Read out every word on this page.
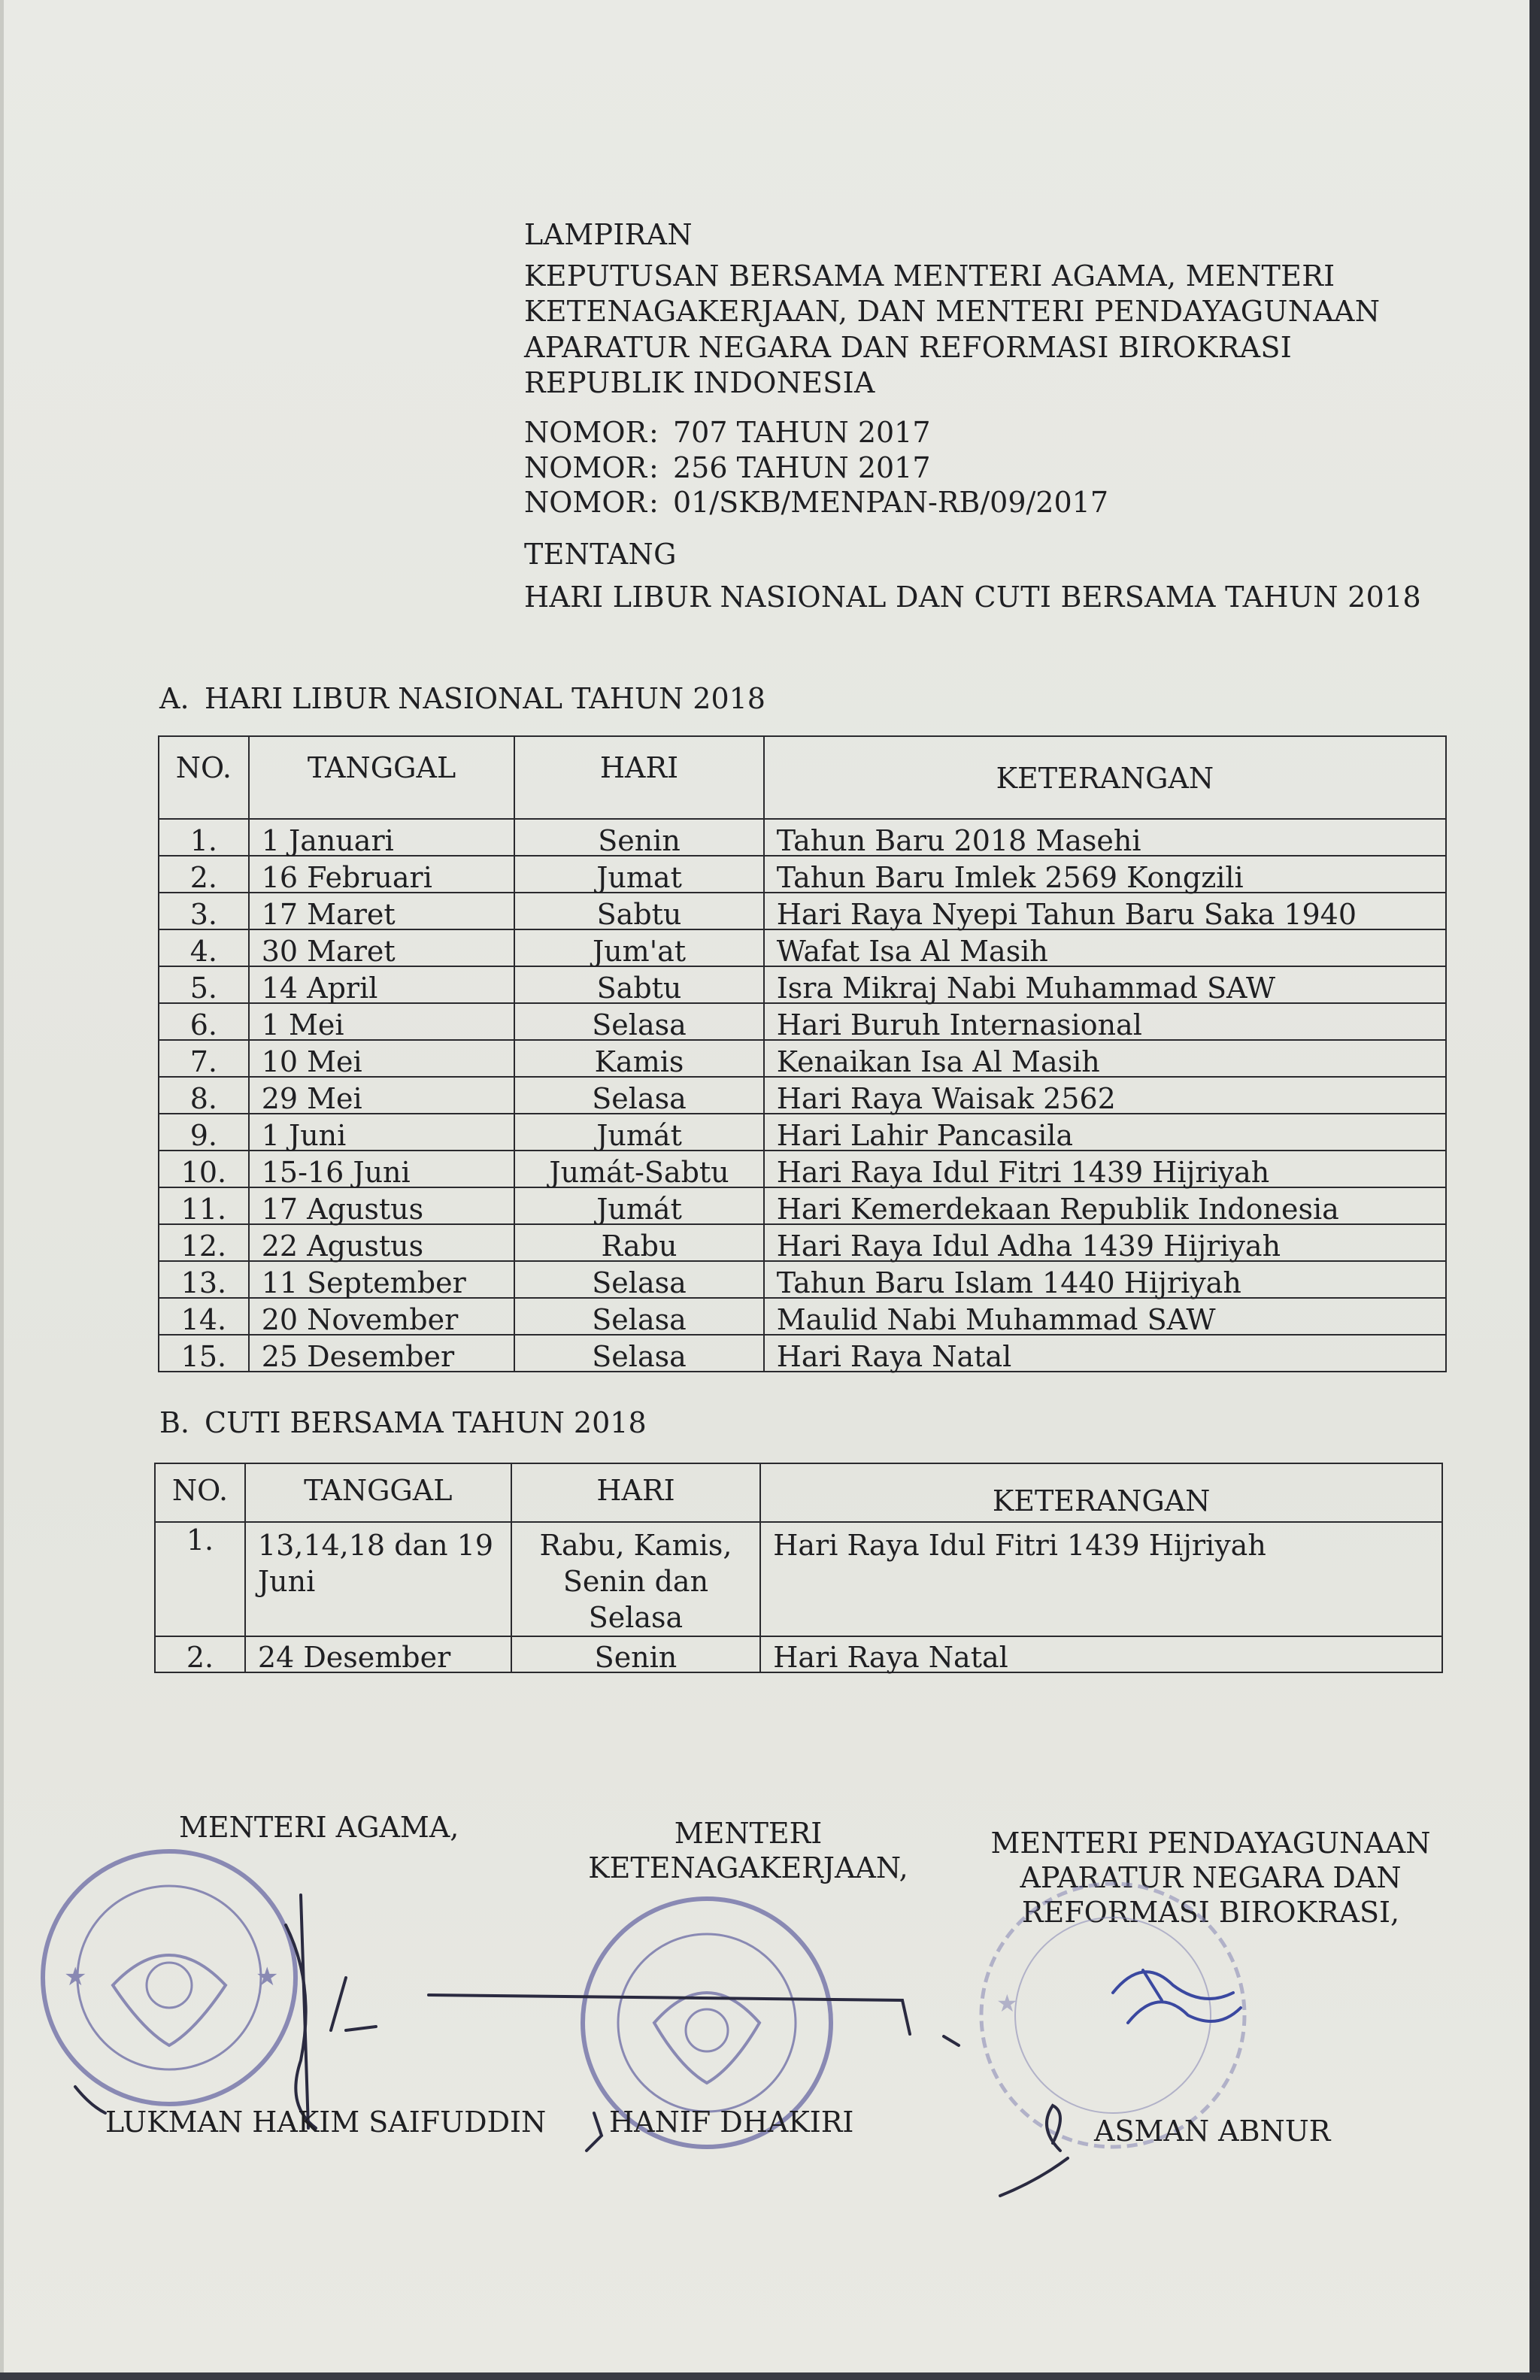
LAMPIRAN
KEPUTUSAN BERSAMA MENTERI AGAMA, MENTERI
KETENAGAKERJAAN, DAN MENTERI PENDAYAGUNAAN
APARATUR NEGARA DAN REFORMASI BIROKRASI
REPUBLIK INDONESIA
NOMOR: 707 TAHUN 2017
NOMOR: 256 TAHUN 2017
NOMOR: 01/SKB/MENPAN-RB/09/2017
TENTANG
HARI LIBUR NASIONAL DAN CUTI BERSAMA TAHUN 2018
A. HARI LIBUR NASIONAL TAHUN 2018
NO.	TANGGAL	HARI	KETERANGAN
1.	1 Januari	Senin	Tahun Baru 2018 Masehi
2.	16 Februari	Jumat	Tahun Baru Imlek 2569 Kongzili
3.	17 Maret	Sabtu	Hari Raya Nyepi Tahun Baru Saka 1940
4.	30 Maret	Jum'at	Wafat Isa Al Masih
5.	14 April	Sabtu	Isra Mikraj Nabi Muhammad SAW
6.	1 Mei	Selasa	Hari Buruh Internasional
7.	10 Mei	Kamis	Kenaikan Isa Al Masih
8.	29 Mei	Selasa	Hari Raya Waisak 2562
9.	1 Juni	Jumát	Hari Lahir Pancasila
10.	15-16 Juni	Jumát-Sabtu	Hari Raya Idul Fitri 1439 Hijriyah
11.	17 Agustus	Jumát	Hari Kemerdekaan Republik Indonesia
12.	22 Agustus	Rabu	Hari Raya Idul Adha 1439 Hijriyah
13.	11 September	Selasa	Tahun Baru Islam 1440 Hijriyah
14.	20 November	Selasa	Maulid Nabi Muhammad SAW
15.	25 Desember	Selasa	Hari Raya Natal
B. CUTI BERSAMA TAHUN 2018
NO.	TANGGAL	HARI	KETERANGAN
1.	13,14,18 dan 19 Juni	Rabu, Kamis, Senin dan Selasa	Hari Raya Idul Fitri 1439 Hijriyah
2.	24 Desember	Senin	Hari Raya Natal
MENTERI AGAMA,	MENTERI
KETENAGAKERJAAN,
MENTERI PENDAYAGUNAAN
APARATUR NEGARA DAN
REFORMASI BIROKRASI,
★	★
★
LUKMAN HAKIM SAIFUDDIN HANIF DHAKIRI	ASMAN ABNUR
